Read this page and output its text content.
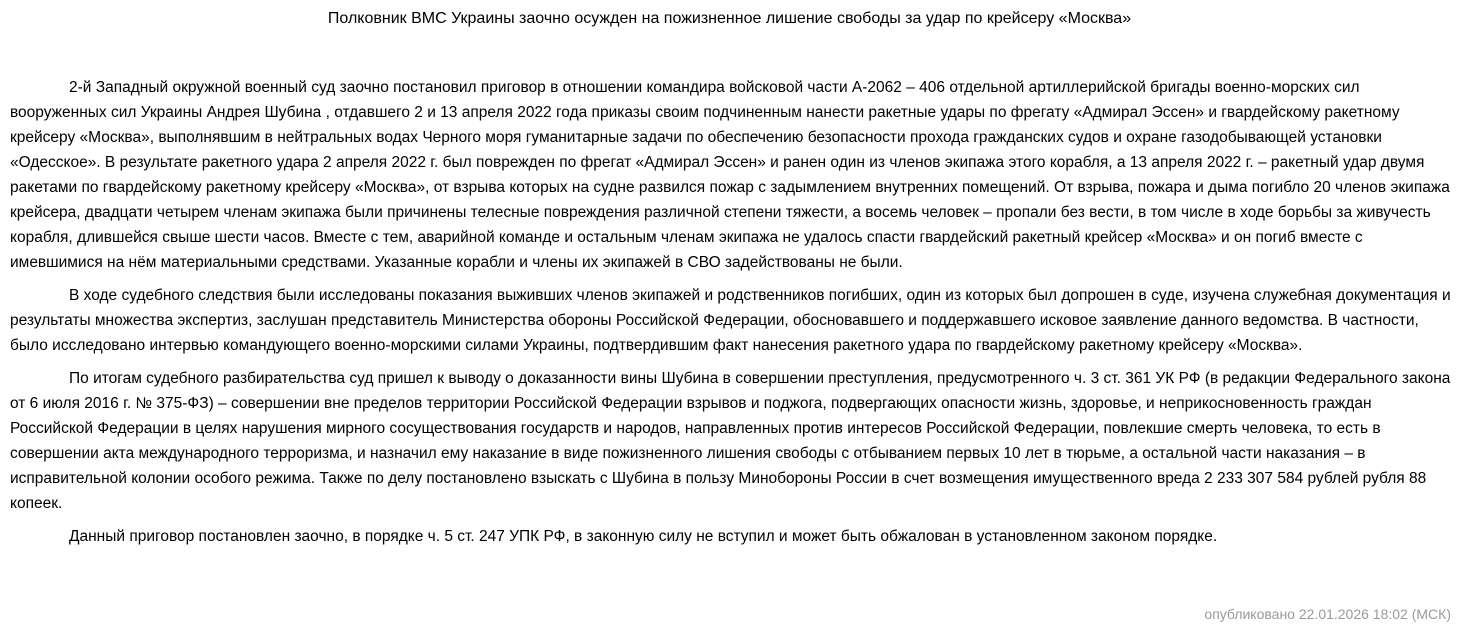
Полковник ВМС Украины заочно осужден на пожизненное лишение свободы за удар по крейсеру «Москва»

2-й Западный окружной военный суд заочно постановил приговор в отношении командира войсковой части А-2062 – 406 отдельной артиллерийской бригады военно-морских сил вооруженных сил Украины Андрея Шубина , отдавшего 2 и 13 апреля 2022 года приказы своим подчиненным нанести ракетные удары по фрегату «Адмирал Эссен» и гвардейскому ракетному крейсеру «Москва», выполнявшим в нейтральных водах Черного моря гуманитарные задачи по обеспечению безопасности прохода гражданских судов и охране газодобывающей установки «Одесское». В результате ракетного удара 2 апреля 2022 г. был поврежден по фрегат «Адмирал Эссен» и ранен один из членов экипажа этого корабля, а 13 апреля 2022 г. – ракетный удар двумя ракетами по гвардейскому ракетному крейсеру «Москва», от взрыва которых на судне развился пожар с задымлением внутренних помещений. От взрыва, пожара и дыма погибло 20 членов экипажа крейсера, двадцати четырем членам экипажа были причинены телесные повреждения различной степени тяжести, а восемь человек – пропали без вести, в том числе в ходе борьбы за живучесть корабля, длившейся свыше шести часов. Вместе с тем, аварийной команде и остальным членам экипажа не удалось спасти гвардейский ракетный крейсер «Москва» и он погиб вместе с имевшимися на нём материальными средствами. Указанные корабли и члены их экипажей в СВО задействованы не были.

В ходе судебного следствия были исследованы показания выживших членов экипажей и родственников погибших, один из которых был допрошен в суде, изучена служебная документация и результаты множества экспертиз, заслушан представитель Министерства обороны Российской Федерации, обосновавшего и поддержавшего исковое заявление данного ведомства. В частности, было исследовано интервью командующего военно-морскими силами Украины, подтвердившим факт нанесения ракетного удара по гвардейскому ракетному крейсеру «Москва».

По итогам судебного разбирательства суд пришел к выводу о доказанности вины Шубина в совершении преступления, предусмотренного ч. 3 ст. 361 УК РФ (в редакции Федерального закона от 6 июля 2016 г. № 375-ФЗ) – совершении вне пределов территории Российской Федерации взрывов и поджога, подвергающих опасности жизнь, здоровье, и неприкосновенность граждан Российской Федерации в целях нарушения мирного сосуществования государств и народов, направленных против интересов Российской Федерации, повлекшие смерть человека, то есть в совершении акта международного терроризма, и назначил ему наказание в виде пожизненного лишения свободы с отбыванием первых 10 лет в тюрьме, а остальной части наказания – в исправительной колонии особого режима. Также по делу постановлено взыскать с Шубина в пользу Минобороны России в счет возмещения имущественного вреда 2 233 307 584 рублей рубля 88 копеек.

Данный приговор постановлен заочно, в порядке ч. 5 ст. 247 УПК РФ, в законную силу не вступил и может быть обжалован в установленном законом порядке.

опубликовано 22.01.2026 18:02 (МСК)
